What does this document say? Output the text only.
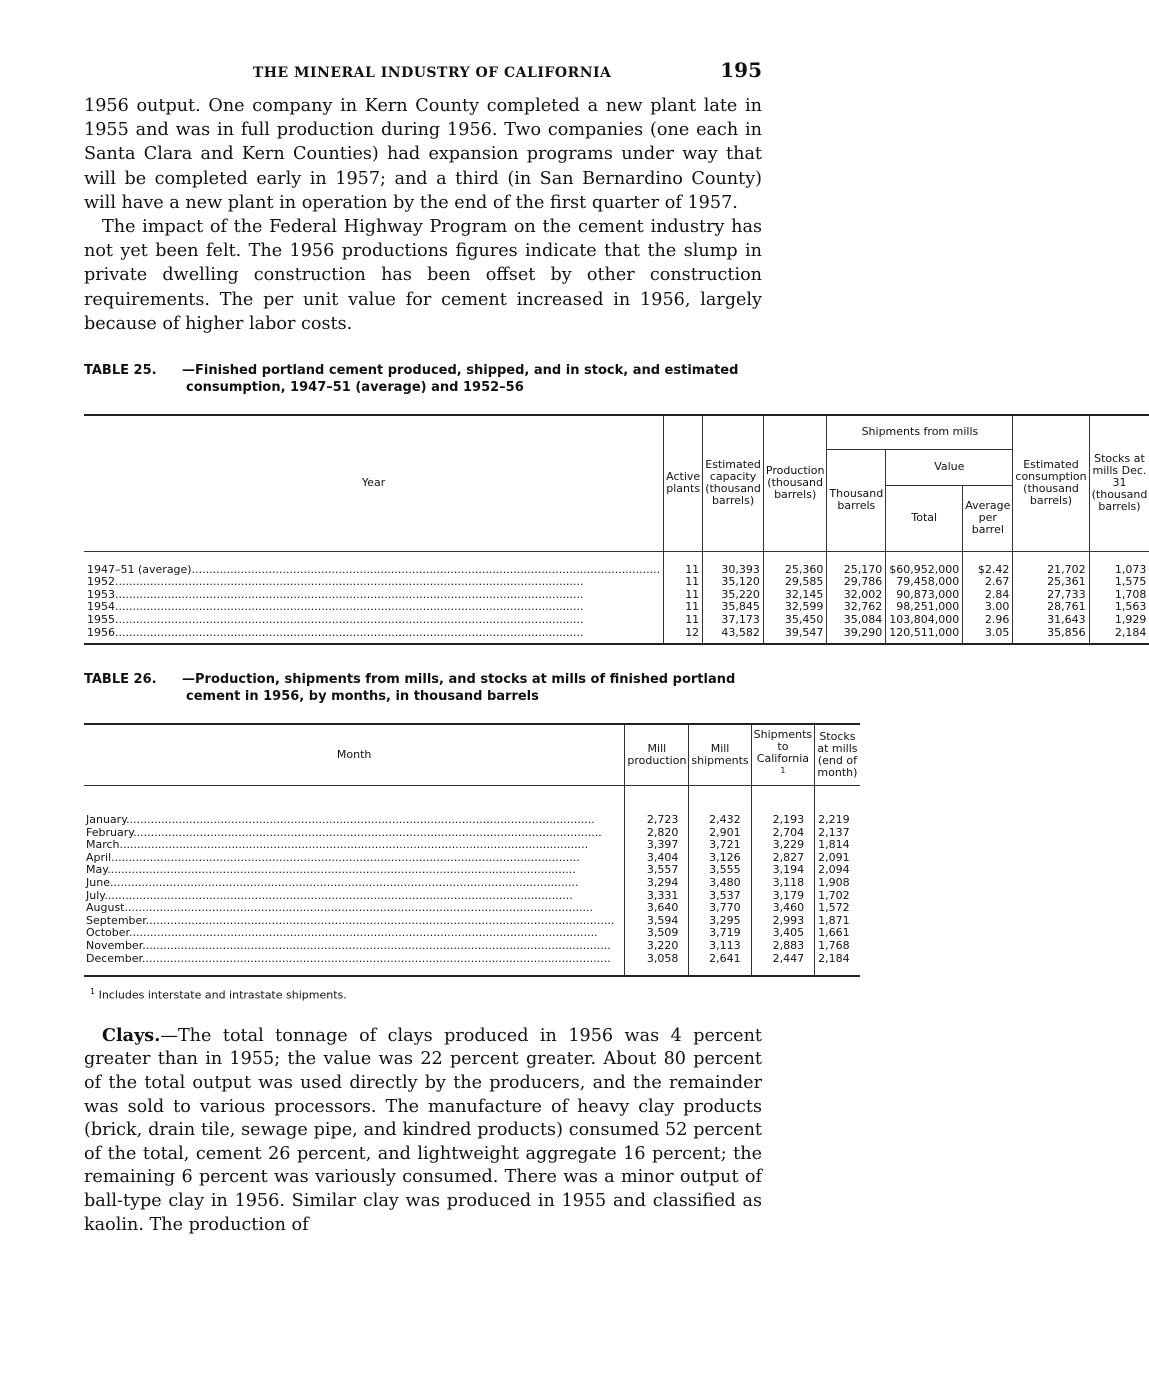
THE MINERAL INDUSTRY OF CALIFORNIA	195

1956 output. One company in Kern County completed a new plant late in 1955 and was in full production during 1956. Two companies (one each in Santa Clara and Kern Counties) had expansion programs under way that will be completed early in 1957; and a third (in San Bernardino County) will have a new plant in operation by the end of the first quarter of 1957.

The impact of the Federal Highway Program on the cement industry has not yet been felt. The 1956 productions figures indicate that the slump in private dwelling construction has been offset by other construction requirements. The per unit value for cement increased in 1956, largely because of higher labor costs.

TABLE 25. —Finished portland cement produced, shipped, and in stock, and estimated consumption, 1947–51 (average) and 1952–56
Year	Active plants	Estimated capacity (thousand barrels)	Production (thousand barrels)	Shipments from mills			Estimated consumption (thousand barrels)	Stocks at mills Dec. 31 (thousand barrels)
				Thousand barrels	Value			
					Total	Average per barrel		
1947–51 (average) .....	11	30,393	25,360	25,170	$60,952,000	$2.42	21,702	1,073
1952 .....	11	35,120	29,585	29,786	79,458,000	2.67	25,361	1,575
1953 .....	11	35,220	32,145	32,002	90,873,000	2.84	27,733	1,708
1954 .....	11	35,845	32,599	32,762	98,251,000	3.00	28,761	1,563
1955 .....	11	37,173	35,450	35,084	103,804,000	2.96	31,643	1,929
1956 .....	12	43,582	39,547	39,290	120,511,000	3.05	35,856	2,184
TABLE 26. —Production, shipments from mills, and stocks at mills of finished portland cement in 1956, by months, in thousand barrels
Month	Mill production	Mill shipments	Shipments to California $^1$	Stocks at mills (end of month)
January .....	2,723	2,432	2,193	2,219
February .....	2,820	2,901	2,704	2,137
March .....	3,397	3,721	3,229	1,814
April .....	3,404	3,126	2,827	2,091
May .....	3,557	3,555	3,194	2,094
June .....	3,294	3,480	3,118	1,908
July .....	3,331	3,537	3,179	1,702
August .....	3,640	3,770	3,460	1,572
September .....	3,594	3,295	2,993	1,871
October .....	3,509	3,719	3,405	1,661
November .....	3,220	3,113	2,883	1,768
December .....	3,058	2,641	2,447	2,184
$^1$ Includes interstate and intrastate shipments.

Clays.—The total tonnage of clays produced in 1956 was 4 percent greater than in 1955; the value was 22 percent greater. About 80 percent of the total output was used directly by the producers, and the remainder was sold to various processors. The manufacture of heavy clay products (brick, drain tile, sewage pipe, and kindred products) consumed 52 percent of the total, cement 26 percent, and lightweight aggregate 16 percent; the remaining 6 percent was variously consumed. There was a minor output of ball-type clay in 1956. Similar clay was produced in 1955 and classified as kaolin. The production of
